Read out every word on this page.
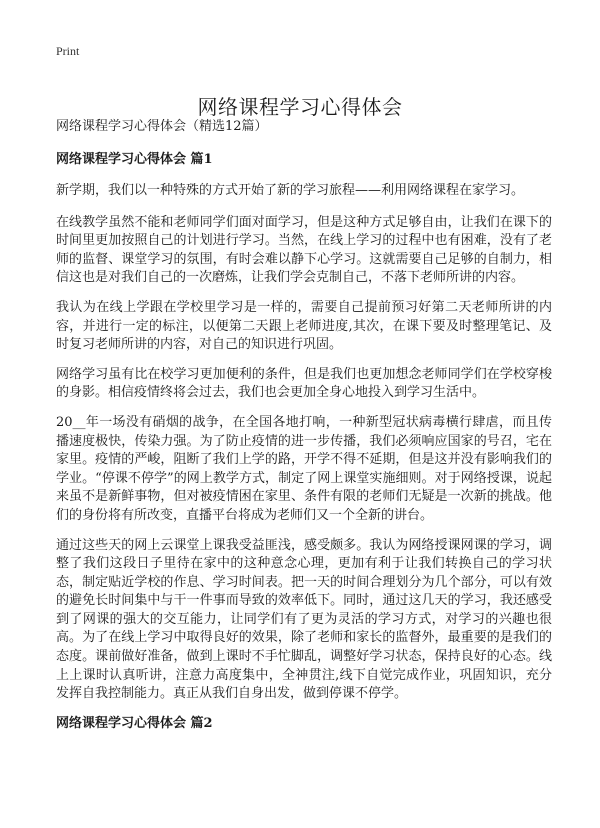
Print
网络课程学习心得体会

网络课程学习心得体会（精选12篇）

网络课程学习心得体会 篇1

新学期，我们以一种特殊的方式开始了新的学习旅程——利用网络课程在家学习。

在线教学虽然不能和老师同学们面对面学习，但是这种方式足够自由，让我们在课下的时间里更加按照自己的计划进行学习。当然，在线上学习的过程中也有困难，没有了老师的监督、课堂学习的氛围，有时会难以静下心学习。这就需要自己足够的自制力，相信这也是对我们自己的一次磨炼，让我们学会克制自己，不落下老师所讲的内容。

我认为在线上学跟在学校里学习是一样的，需要自己提前预习好第二天老师所讲的内容，并进行一定的标注，以便第二天跟上老师进度,其次，在课下要及时整理笔记、及时复习老师所讲的内容，对自己的知识进行巩固。

网络学习虽有比在校学习更加便利的条件，但是我们也更加想念老师同学们在学校穿梭的身影。相信疫情终将会过去，我们也会更加全身心地投入到学习生活中。

20__年一场没有硝烟的战争，在全国各地打响，一种新型冠状病毒横行肆虐，而且传播速度极快，传染力强。为了防止疫情的进一步传播，我们必须响应国家的号召，宅在家里。疫情的严峻，阻断了我们上学的路，开学不得不延期，但是这并没有影响我们的学业。“停课不停学”的网上教学方式，制定了网上课堂实施细则。对于网络授课，说起来虽不是新鲜事物，但对被疫情困在家里、条件有限的老师们无疑是一次新的挑战。他们的身份将有所改变，直播平台将成为老师们又一个全新的讲台。

通过这些天的网上云课堂上课我受益匪浅，感受颇多。我认为网络授课网课的学习，调整了我们这段日子里待在家中的这种意念心理，更加有利于让我们转换自己的学习状态，制定贴近学校的作息、学习时间表。把一天的时间合理划分为几个部分，可以有效的避免长时间集中与干一件事而导致的效率低下。同时，通过这几天的学习，我还感受到了网课的强大的交互能力，让同学们有了更为灵活的学习方式，对学习的兴趣也很高。为了在线上学习中取得良好的效果，除了老师和家长的监督外，最重要的是我们的态度。课前做好准备，做到上课时不手忙脚乱，调整好学习状态，保持良好的心态。线上上课时认真听讲，注意力高度集中，全神贯注,线下自觉完成作业，巩固知识，充分发挥自我控制能力。真正从我们自身出发，做到停课不停学。

网络课程学习心得体会 篇2
